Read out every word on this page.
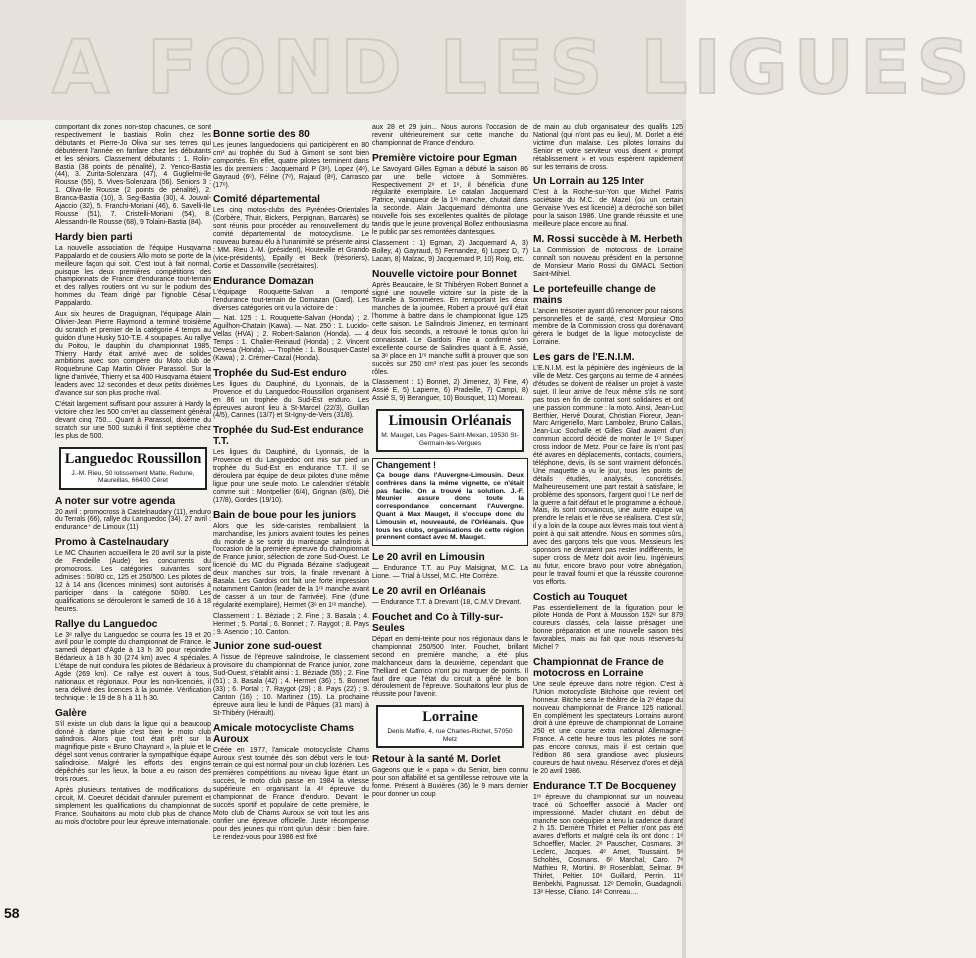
A FOND LES LIGUES

comportant dix zones non-stop chacunes, ce sont respectivement le bastiais Rolin chez les débutants et Pierre-Jo Oliva sur ses terres qui débutèrent l'année en fanfare chez les débutants et les séniors. Classement débutants : 1. Rolin-Bastia (38 points de pénalité), 2. Yenco-Bastia (44), 3. Zurita-Solenzara (47), 4 Guglielmi-lle Rousse (55), 5. Vives-Solenzara (56). Seniors 3 : 1. Oliva-Ile Rousse (2 points de pénalité), 2. Branca-Bastia (10), 3. Seg-Bastia (30), 4. Jouval-Ajaccio (32), 5. Franchi-Moriani (46), 6. Savelli-Ile Rousse (51), 7. Cristelli-Moriani (54), 8. Alessandri-Ile Rousse (68), 9 Tolaini-Bastia (84).

Hardy bien parti

La nouvelle association de l'équipe Husqvarna Pappalardo et de cousiers Allo moto se porte de la meilleure façon qui soit. C'est tout à fait normal, puisque les deux premières compétitions des championnats de France d'endurance tout-terrain et des rallyes routiers ont vu sur le podium des hommes du Team dirigé par l'ignoble César Pappalardo.

Aux six heures de Draguignan, l'équipage Alain Olivier-Jean Pierre Raymond a terminé troisième du scratch et premier de la catégorie 4 temps au guidon d'une Husky 510-T.E. 4 soupapes. Au rallye du Poitou, le dauphin du championnat 1985, Thierry Hardy était arrivé avec de solides ambitions avec son compère du Moto club de Roquebrune Cap Martin Olivier Parassol. Sur la ligne d'arrivée, Thierry et sa 400 Husqvarna étaient leaders avec 12 secondes et deux petits dixièmes d'avance sur son plus proche rival.

C'était largement suffisant pour assurer à Hardy la victoire chez les 500 cm³et au classement général devant cinq 750... Quant à Parassol, dixième du scratch sur une 500 suzuki il finit septième chez les plus de 500.

Languedoc Roussillon
J.-M. Rieu, 50 lotissement Matte, Redune, Maureillas, 66400 Céret
A noter sur votre agenda

20 avril : promocross à Castelnaudary (11), enduro du Terrals (66), rallye du Languedoc (34). 27 avril : endurance⁺ de Limoux (11)

Promo à Castelnaudary

Le MC Chaurien accueillera le 20 avril sur la piste de Fendeille (Aude) les concurrents du promocross. Les catégories suivantes sont admises : 50/80 cc, 125 et 250/500. Les pilotes de 12 à 14 ans (licences minimes) sont autorisés à participer dans la catégorie 50/80. Les qualifications se dérouleront le samedi de 16 à 18 heures.

Rallye du Languedoc

Le 3ᵉ rallye du Languedoc se courra les 19 et 20 avril pour le compte du championnat de France. le samedi départ d'Agde à 13 h 30 pour rejoindre Bédarieux à 18 h 30 (274 km) avec 4 spéciales. L'étape de nuit conduira les pilotes de Bédarieux à Agde (269 km). Ce rallye est ouvert à tous, nationaux et régionaux. Pour les non-licenciés, il sera délivré des licences à la journée. Vérification technique : le 19 de 8 h à 11 h 30.

Galère

S'il existe un club dans la ligue qui a beaucoup donné à dame pluie c'est bien le moto club salindrois. Alors que tout était prêt sur la magnifique piste « Bruno Chaynard », la pluie et le dégel sont venus contrarier la sympathique équipe salindroise. Malgré les efforts des engins dépêchés sur les lieux, la boue a eu raison des trois roues.

Après plusieurs tentatives de modifications du circuit, M. Coeuret décidait d'annuler purement et simplement les qualifications du championnat de France. Souhaitons au moto club plus de chance au mois d'octobre pour leur épreuve internationale.

Bonne sortie des 80

Les jeunes languedociens qui participèrent en 80 cm³ au trophée du Sud à Gimont se sont bien comportés. En effet, quatre pilotes terminent dans les dix premiers : Jacquemard P (3ᵉ), Lopez (4ᵉ), Gayraud (6ᵉ), Féline (7ᵉ), Rajaud (8ᵉ), Carrasco (17ᵉ).

Comité départemental

Les cinq motos-clubs des Pyrénées-Orientales (Corbère, Thuir, Bickers, Perpignan, Barcarès) se sont réunis pour procéder au renouvellement du comité départemental de motocyclisme. Le nouveau bureau élu à l'unanimité se présente ainsi : MM. Rieu J.-M. (président), Houteville et Grando (vice-présidents), Epailly et Beck (trésoriers), Cortie et Dassonville (secrétaires).

Endurance Domazan

L'équipage Rouquette-Salvan a remporté l'endurance tout-terrain de Domazan (Gard). Les diverses catégories ont vu la victoire de :

— Nat. 125 : 1. Rouquette-Salvan (Honda) ; 2. Aguilhon-Chatain (Kawa). — Nat. 250 : 1. Lucido-Vellas (HVA) ; 2. Robert-Salanon (Honda). — 4 Temps : 1. Chalier-Reinaud (Honda) ; 2. Vincent Devesa (Honda). — Trophée : 1. Bousquet-Castel (Kawa) ; 2. Crémer-Cazal (Honda).

Trophée du Sud-Est enduro

Les ligues du Dauphiné, du Lyonnais, de la Provence et du Languedoc-Roussillon organisent en 86 un trophée du Sud-Est enduro. Les épreuves auront lieu à St-Marcel (22/3), Guillan (4/5), Cannes (13/7) et St-Igny-de-Vers (31/8).

Trophée du Sud-Est endurance T.T.

Les ligues du Dauphiné, du Lyonnais, de la Provence et du Languedoc ont mis sur pied un trophée du Sud-Est en endurance T.T. Il se déroulera par équipe de deux pilotes d'une même ligue pour une seule moto. Le calendrier s'établit comme suit : Montpellier (6/4), Grignan (8/6), Dié (17/8), Gordes (19/10).

Bain de boue pour les juniors

Alors que les side-caristes remballaient la marchandise, les juniors avaient toutes les peines du monde à se sortir du marécage salindrois à l'occasion de la première épreuve du championnat de France junior, sélection de zone Sud-Ouest. Le licencié du MC du Pignada Bézaine s'adjugeait deux manches sur trois, la finale revenant à Basala. Les Gardois ont fait une forte impression notamment Canton (leader de la 1ʳᵉ manche avant de casser à un tour de l'arrivée). Fine (d'une régularité exemplaire), Hermet (3ᵉ en 1ʳᵉ manche).

Classement : 1. Bèziade ; 2. Fine ; 3. Basala ; 4. Hermet ; 5. Portal ; 6. Bonnet ; 7. Raygot ; 8. Pays ; 9. Asencio ; 10. Canton.

Junior zone sud-ouest

A l'issue de l'épreuve salindroise, le classement provisoire du championnat de France junior, zone Sud-Ouest, s'établit ainsi : 1. Béziade (55) ; 2. Fine (51) ; 3. Basala (42) ; 4. Hermet (36) ; 5. Bonnet (33) ; 6. Portal ; 7. Raygot (29) ; 8. Pays (22) ; 9. Canton (16) ; 10. Martinez (15). La prochaine épreuve aura lieu le lundi de Pâques (31 mars) à St-Thibéry (Hérault).

Amicale motocycliste Chams Auroux

Créée en 1977, l'amicale motocycliste Chams Auroux s'est tournée dès son début vers le tout-terrain ce qui est normal pour un club lozérien. Les premières compétitions au niveau ligue étant un succès, le moto club passe en 1984 la vitesse supérieure en organisant la 4ᵉ épreuve du championnat de France d'enduro. Devant le succès sportif et populaire de cette première, le Moto club de Chams Auroux se voit tout les ans confier une épreuve officielle. Juste récompense pour des jeunes qui n'ont qu'un désir : bien faire. Le rendez-vous pour 1986 est fixé

aux 28 et 29 juin... Nous aurons l'occasion de revenir ultérieurement sur cette manche du championnat de France d'enduro.

Première victoire pour Egman

Le Savoyard Gilles Egman a débuté la saison 86 par une belle victoire à Sommières. Respectivement 2ᵉ et 1ᵉ, il bénéficia d'une régularité exemplaire. Le catalan Jacquemard Patrice, vainqueur de la 1ʳᵉ manche, chutait dans la seconde. Alain Jacquemard démontra une nouvelle fois ses excellentes qualités de pilotage tandis que le jeune provençal Bollez enthousiasma le public par ses remontées dantesques.

Classement : 1) Egman, 2) Jacquemard A, 3) Bolley, 4) Gayraud, 5) Fernandez, 6) Lopez D, 7) Lacan, 8) Malzac, 9) Jacquemard P, 10) Roig, etc.

Nouvelle victoire pour Bonnet

Après Beaucaire, le St Thibéryen Robert Bonnet a signé une nouvelle victoire sur la piste de la Tourelle à Sommières. En remportant les deux manches de la journée, Robert a prouvé qu'il était l'homme à battre dans le championnat ligue 125 cette saison. Le Salindrois Jimenez, en terminant deux fois seconds, a retrouvé le tonus qu'on lui connaissait. Le Gardois Fine a confirmé son excellente course de Salindres quant à E. Assié, sa 3ᵉ place en 1ʳᵉ manche suffit à prouver que son succès sur 250 cm³ n'est pas jouer les seconds rôles.

Classement : 1) Bonnet, 2) Jimenez, 3) Fine, 4) Assié E, 5) Lapierre, 6) Pradeille, 7) Campi, 8) Assié S, 9) Beranguer, 10) Bousquet, 11) Moreau.

Limousin Orléanais
M. Mauget, Les Pages-Saint-Mexan, 19530 St-Germain-les-Vergues
Changement !

Ça bouge dans l'Auvergne-Limousin. Deux confrères dans la même vignette, ce n'était pas facile. On a trouvé la solution. J.-F. Meunier assure donc toute la correspondance concernant l'Auvergne. Quant à Max Mauget, il s'occupe donc du Limousin et, nouveauté, de l'Orléanais. Que tous les clubs, organisations de cette région prennent contact avec M. Mauget.

Le 20 avril en Limousin

— Endurance T.T. au Puy Malsignat, M.C. La Lione. — Trial à Ussel, M.C. Hte Corrèze.

Le 20 avril en Orléanais

— Endurance T.T. à Drevant (18, C.M.V Drevant.

Fouchet and Co à Tilly-sur-Seules

Départ en demi-teinte pour nos régionaux dans le championnat 250/500 Inter. Fouchet, brillant second en première manche, a été plus malchanceux dans la deuxième, cependant que Thelliard et Carrico n'ont pu marquer de points. Il faut dire que l'état du circuit a gêné le bon déroulement de l'épreuve. Souhaitons leur plus de réussite pour l'avenir.

Lorraine
Denis Maffre, 4, rue Charles-Richet, 57050 Metz
Retour à la santé M. Dorlet

Gageons que le « papa » du Senior, bien connu pour son affabilité et sa gentillesse retrouve vite la forme. Présent à Buxières (36) le 9 mars dernier pour donner un coup

de main au club organisateur des qualifs 125 National (qui n'ont pas eu lieu), M. Dorlet a été victime d'un malaise. Les pilotes lorrains du Senior et votre serviteur vous disent « prompt rétablissement » et vous espèrent rapidement sur les terrains de cross.

Un Lorrain au 125 Inter

C'est à la Roche-sur-Yon que Michel Patris sociétaire du M.C. de Mazel (où un certain Gervaise Yves est licencié) a décroché son billet pour la saison 1986. Une grande réussite et une meilleure place encore au final.

M. Rossi succède à M. Herbeth

La Commission de motocross de Lorraine connaît son nouveau président en la personne de Monsieur Mario Rossi du GMACL Section Saint-Mihiel.

Le portefeuille change de mains

L'ancien trésorier ayant dû renoncer pour raisons personnelles et de santé, c'est Monsieur Otto membre de la Commission cross qui dorénavant gérera le budget de la ligue motocycliste de Lorraine.

Les gars de l'E.N.I.M.

L'E.N.I.M. est la pépinière des ingénieurs de la ville de Metz. Ces garçons au terme de 4 années d'études se doivent de réaliser un projet à vaste sujet. Il leur arrive de l'eux même s'ils ne sont pas tous en fin de contrat sont solidaires et ont une passion commune : la moto. Ainsi, Jean-Luc Berthier, Hervé Dourat, Christian Fioreur, Jean-Marc Arrigenello, Marc Lambolez, Bruno Callais, Jean-Luc Sochalle et Gilles Glad avaient d'un commun accord décidé de monter le 1ᵉʳ Super cross indoor de Metz. Pour ce faire ils n'ont pas été avares en déplacements, contacts, courriers, téléphone, devis, ils se sont vraiment défoncés. Une maquette a vu le jour, tous les points de détails étudiés, analysés, concrétisés. Malheureusement une part restait à satisfaire, le problème des sponsors, l'argent quoi ! Le nerf de la guerre a fait défaut et le programme a échoué. Mais, ils sont convaincus, une autre équipe va prendre le relais et le rêve se réalisera. C'est sûr, il y a loin de la coupe aux lèvres mais tout vient à point à qui sait attendre. Nous en sommes sûrs, avec des garçons tels que vous. Messieurs les sponsors ne devraient pas rester indifférents, le super cross de Metz doit avoir lieu. Ingénieurs au futur, encore bravo pour votre abnégation, pour le travail fourni et que la réussite couronne vos efforts.

Costich au Touquet

Pas essentiellement de la figuration pour le pilote Honda de Pont à Mousson 152ᵉ sur 879 coureurs classés, cela laisse présager une bonne préparation et une nouvelle saison très favorables, mais au fait que nous réserves-tu Michel ?

Championnat de France de motocross en Lorraine

Une seule épreuve dans notre région. C'est à l'Union motocycliste Bitchoise que revient cet honneur. Bitche sera le théâtre de la 2ᵉ étape du nouveau championnat de France 125 national. En complément les spectateurs Lorrains auront droit à une épreuve de championnat de Lorraine 250 et une course extra national Allemagne-France. A cette heure tous les pilotes ne sont pas encore connus, mais il est certain que l'édition 86 sera grandiose avec plusieurs coureurs de haut niveau. Réservez d'ores et déjà le 20 avril 1986.

Endurance T.T De Bocqueney

1ʳᵉ épreuve du championnat sur un nouveau tracé où Schoeffler associé à Macler ont impressionné. Macler chutant en début de manche son coéquipier a tenu la cadence durant 2 h 15. Derrière Thirlet et Peltier n'ont pas été avares d'efforts et malgré cela ils ont donc : 1ᵉ Schoeffler, Macler. 2ᵉ Pauscher, Cosmans. 3ᵉ Leclerc, Jacques. 4ᵉ Amet, Toussaint. 5ᵉ Scholtès, Cosmans. 6ᵉ Marchal, Caro. 7ᵉ Mathieu R, Mortini. 8ᵉ Rosenblatt, Selmar. 9ᵉ Thirlet, Peltier. 10ᵉ Guillard, Perrin. 11ᵉ Benbekhi, Pagnussat. 12ᵉ Demolin, Guadagnoli. 13ᵉ Hesse, Cliano. 14ᵉ Conreau....

58
